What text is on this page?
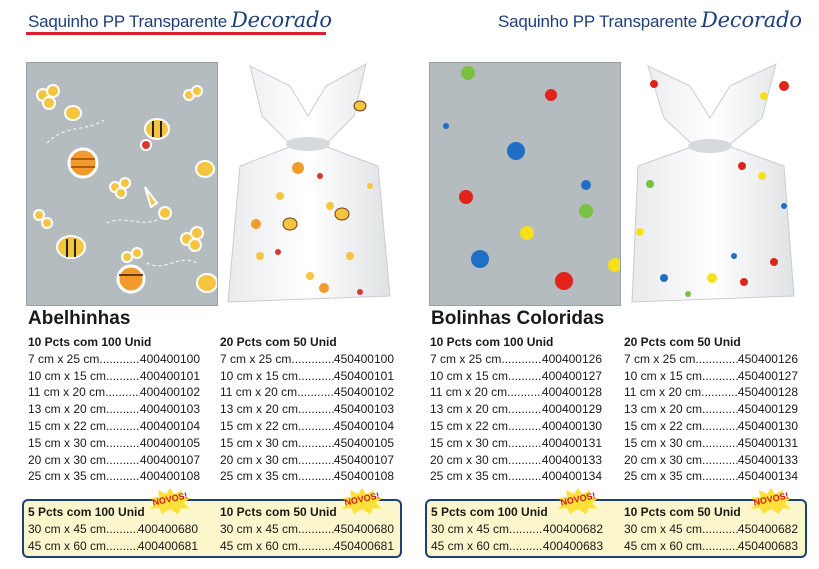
Saquinho PP Transparente Decorado
Abelhinhas
10 Pcts com 100 Unid
7 cm x 25 cm .....	400400100
10 cm x 15 cm .....	400400101
11 cm x 20 cm .....	400400102
13 cm x 20 cm .....	400400103
15 cm x 22 cm .....	400400104
15 cm x 30 cm .....	400400105
20 cm x 30 cm .....	400400107
25 cm x 35 cm .....	400400108
20 Pcts com 50 Unid
7 cm x 25 cm .....	450400100
10 cm x 15 cm .....	450400101
11 cm x 20 cm .....	450400102
13 cm x 20 cm .....	450400103
15 cm x 22 cm .....	450400104
15 cm x 30 cm .....	450400105
20 cm x 30 cm .....	450400107
25 cm x 35 cm .....	450400108
5 Pcts com 100 Unid
30 cm x 45 cm .....	400400680
45 cm x 60 cm .....	400400681
10 Pcts com 50 Unid
30 cm x 45 cm .....	450400680
45 cm x 60 cm .....	450400681
NOVOS!	NOVOS!
Saquinho PP Transparente Decorado
Bolinhas Coloridas
10 Pcts com 100 Unid
7 cm x 25 cm .....	400400126
10 cm x 15 cm .....	400400127
11 cm x 20 cm .....	400400128
13 cm x 20 cm .....	400400129
15 cm x 22 cm .....	400400130
15 cm x 30 cm .....	400400131
20 cm x 30 cm .....	400400133
25 cm x 35 cm .....	400400134
20 Pcts com 50 Unid
7 cm x 25 cm .....	450400126
10 cm x 15 cm .....	450400127
11 cm x 20 cm .....	450400128
13 cm x 20 cm .....	450400129
15 cm x 22 cm .....	450400130
15 cm x 30 cm .....	450400131
20 cm x 30 cm .....	450400133
25 cm x 35 cm .....	450400134
5 Pcts com 100 Unid
30 cm x 45 cm .....	400400682
45 cm x 60 cm .....	400400683
10 Pcts com 50 Unid
30 cm x 45 cm .....	450400682
45 cm x 60 cm .....	450400683
NOVOS!	NOVOS!
